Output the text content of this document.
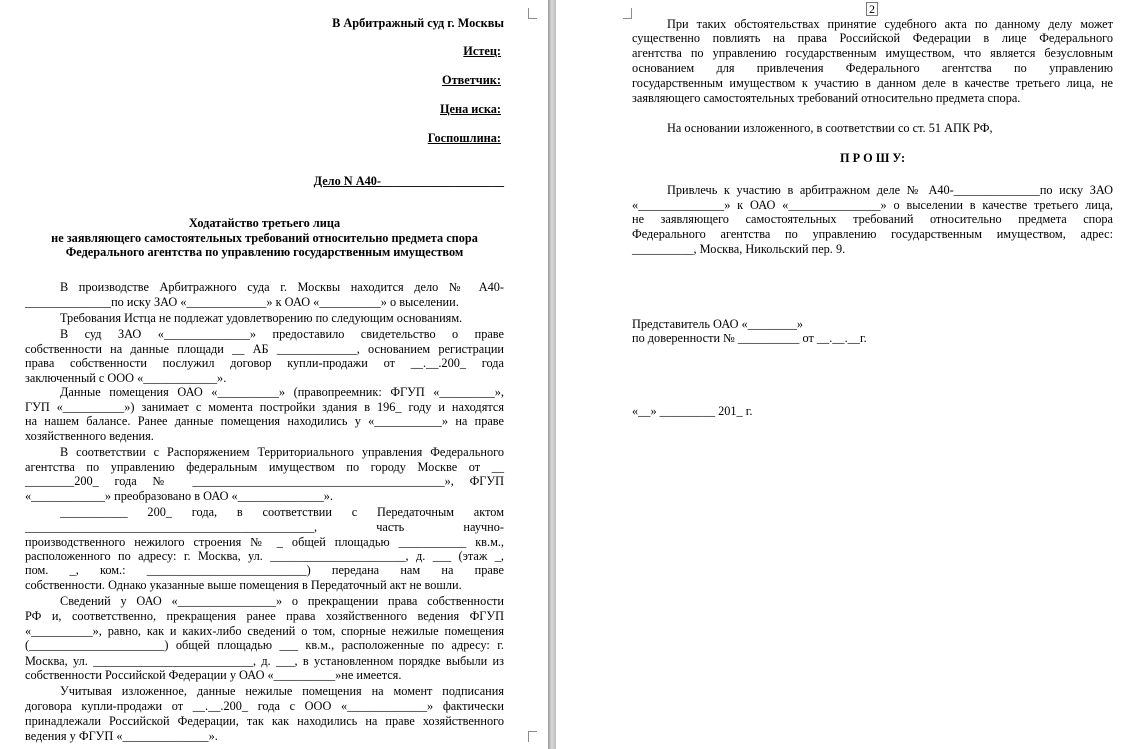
В Арбитражный суд г. Москвы
Истец:
Ответчик:
Цена иска:
Госпошлина:
Дело N А40-____________________
Ходатайство третьего лица
не заявляющего самостоятельных требований относительно предмета спора
Федерального агентства по управлению государственным имуществом
В производстве Арбитражного суда г. Москвы находится дело № А40-
______________по иску ЗАО «_____________» к ОАО «__________» о выселении.
Требования Истца не подлежат удовлетворению по следующим основаниям.
В суд ЗАО «______________» предоставило свидетельство о праве
собственности на данные площади __ АБ _____________, основанием регистрации
права собственности послужил договор купли-продажи от __.__.200_ года
заключенный с ООО «____________».
Данные помещения ОАО «__________» (правопреемник: ФГУП «_________»,
ГУП «__________») занимает с момента постройки здания в 196_ году и находятся
на нашем балансе. Ранее данные помещения находились у «___________» на праве
хозяйственного ведения.
В соответствии с Распоряжением Территориального управления Федерального
агентства по управлению федеральным имуществом по городу Москве от __
________200_ года № _________________________________________», ФГУП
«____________» преобразовано в ОАО «______________».
___________ 200_ года, в соответствии с Передаточным актом
_______________________________________________, часть научно-
производственного нежилого строения № _ общей площадью ___________ кв.м.,
расположенного по адресу: г. Москва, ул. ______________________, д. ___ (этаж _,
пом. _, ком.: __________________________) передана нам на праве
собственности. Однако указанные выше помещения в Передаточный акт не вошли.
Сведений у ОАО «________________» о прекращении права собственности
РФ и, соответственно, прекращения ранее права хозяйственного ведения ФГУП
«__________», равно, как и каких-либо сведений о том, спорные нежилые помещения
(______________________) общей площадью ___ кв.м., расположенные по адресу: г.
Москва, ул. __________________________, д. ___, в установленном порядке выбыли из
собственности Российской Федерации у ОАО «__________»не имеется.
Учитывая изложенное, данные нежилые помещения на момент подписания
договора купли-продажи от __.__.200_ года с ООО «_____________» фактически
принадлежали Российской Федерации, так как находились на праве хозяйственного
ведения у ФГУП «______________».
2
При таких обстоятельствах принятие судебного акта по данному делу может
существенно повлиять на права Российской Федерации в лице Федерального
агентства по управлению государственным имуществом, что является безусловным
основанием для привлечения Федерального агентства по управлению
государственным имуществом к участию в данном деле в качестве третьего лица, не
заявляющего самостоятельных требований относительно предмета спора.
На основании изложенного, в соответствии со ст. 51 АПК РФ,
П Р О Ш У:
Привлечь к участию в арбитражном деле № А40-______________по иску ЗАО
«______________» к ОАО «_______________» о выселении в качестве третьего лица,
не заявляющего самостоятельных требований относительно предмета спора
Федерального агентства по управлению государственным имуществом, адрес:
__________, Москва, Никольский пер. 9.
Представитель ОАО «________»
по доверенности № __________ от __.__.__г.
«__» _________ 201_ г.
